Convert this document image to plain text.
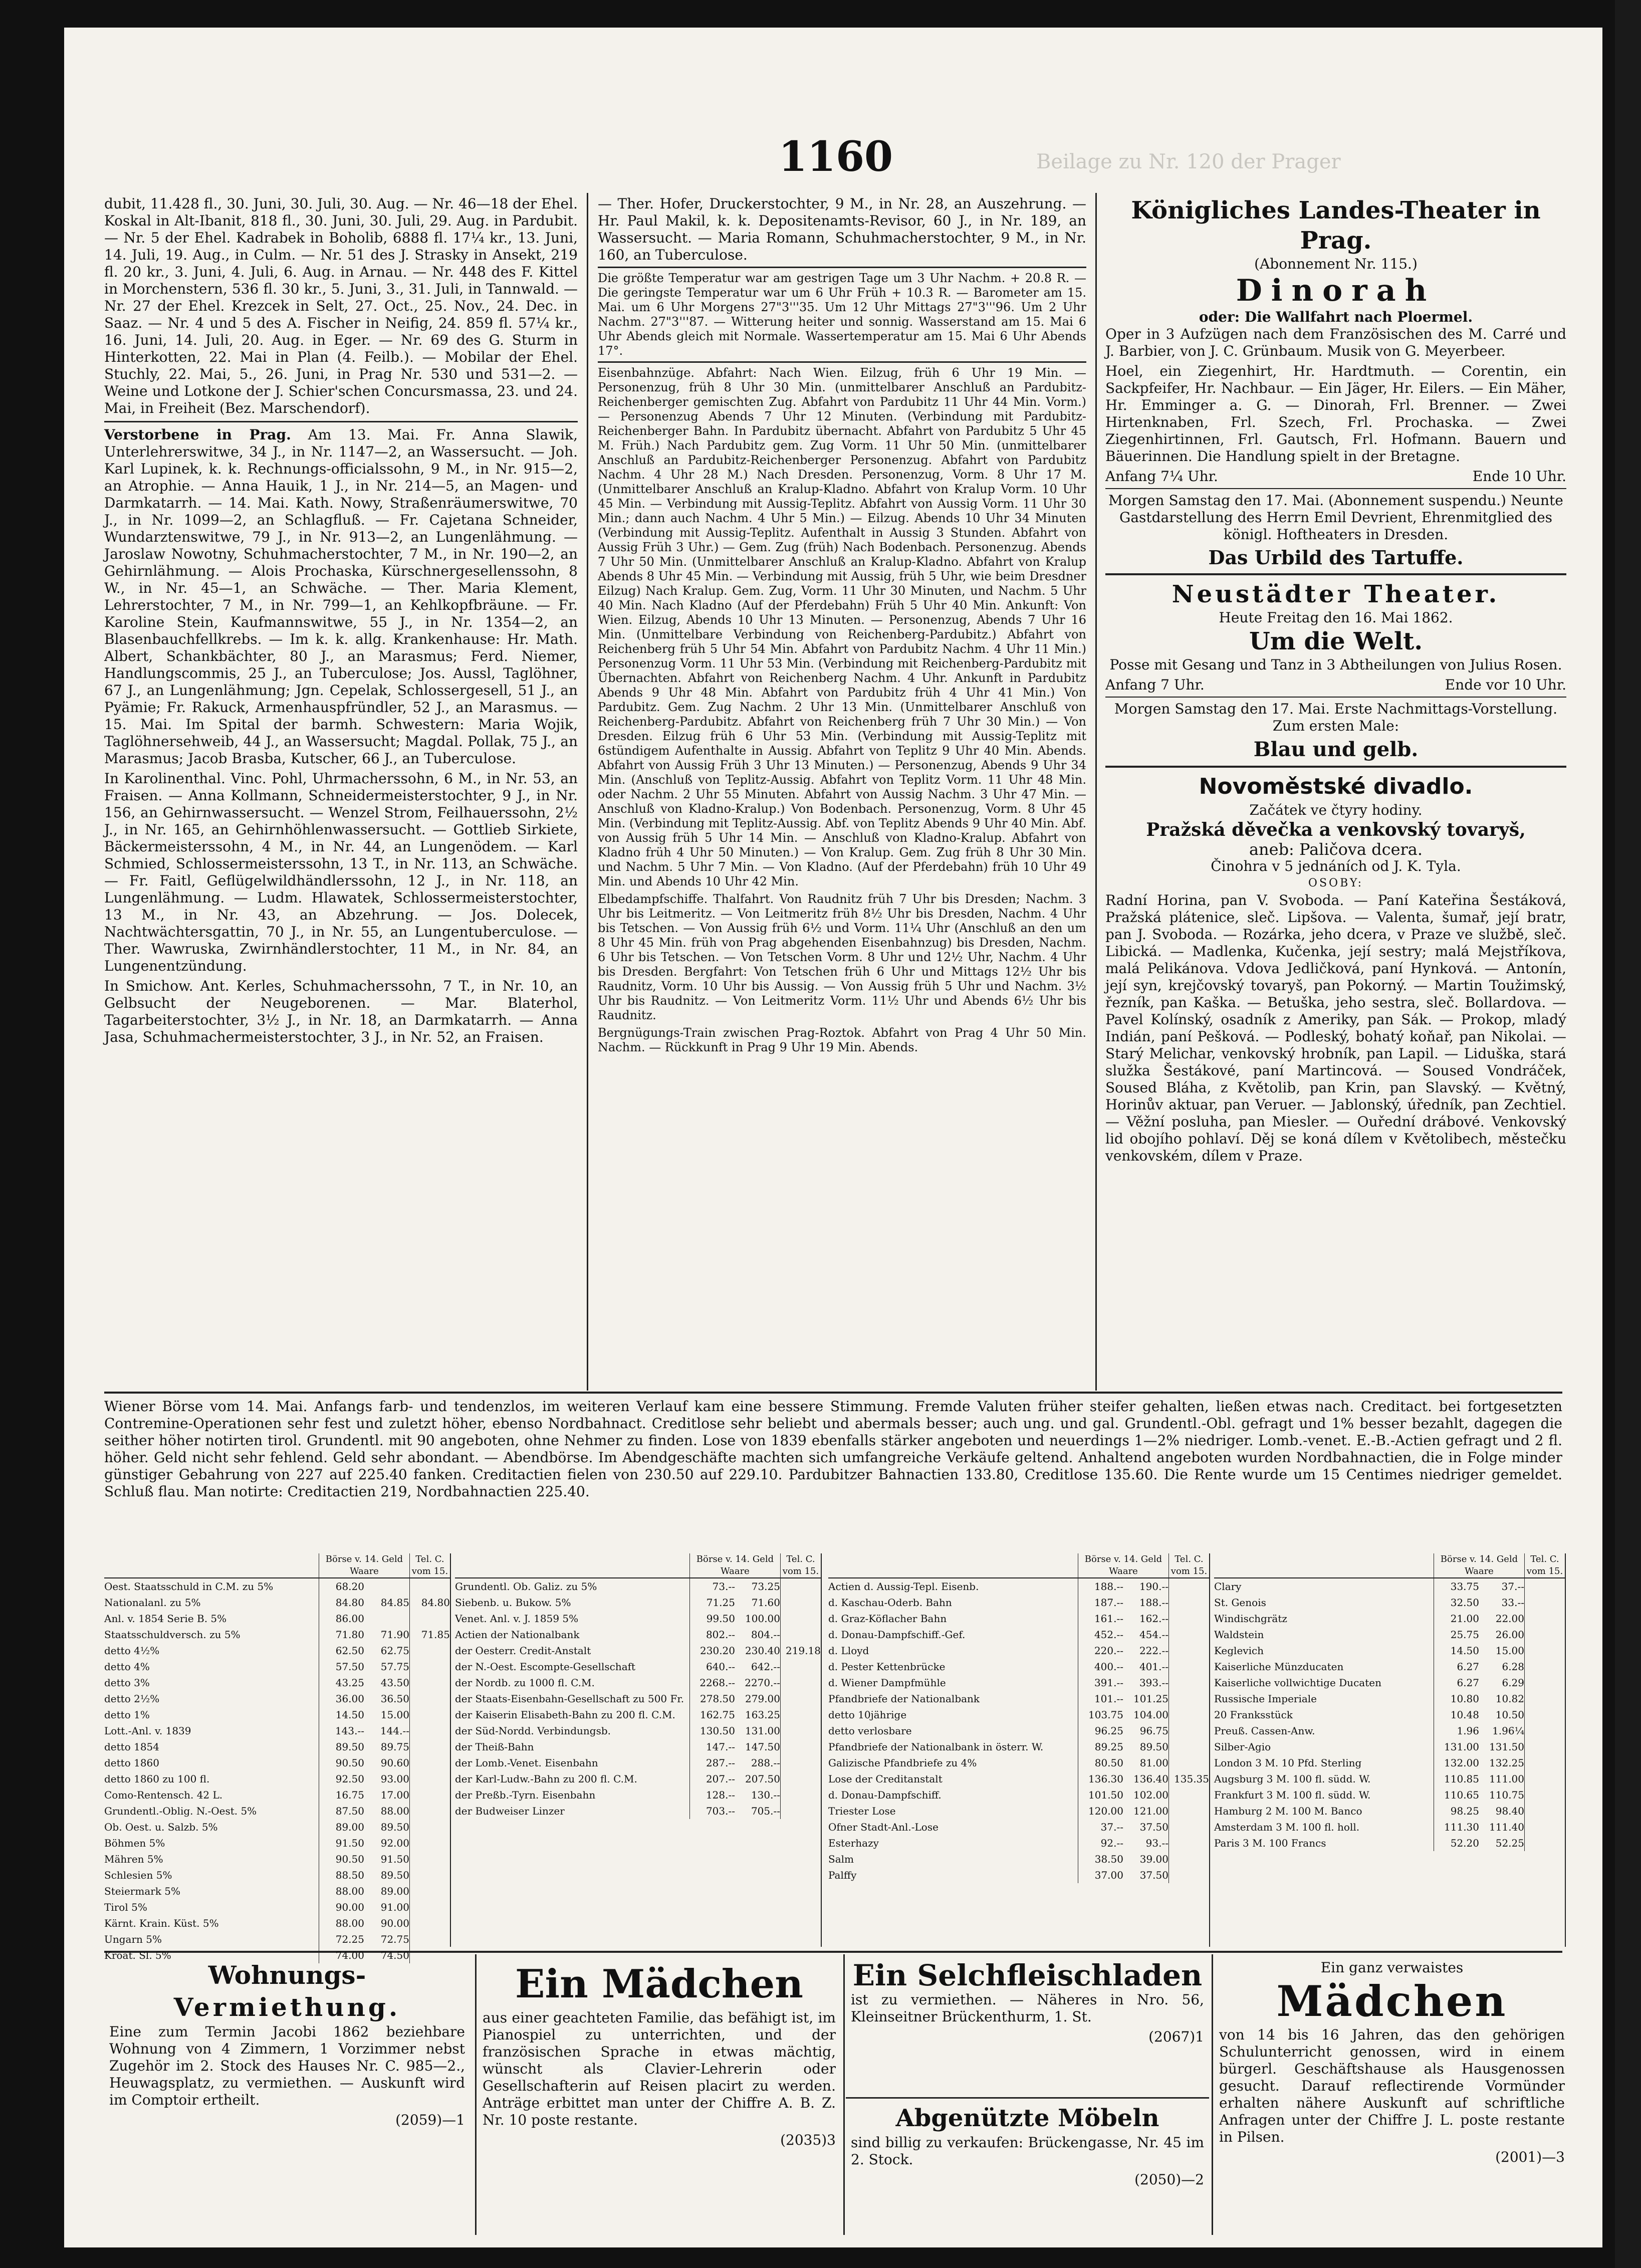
Beilage zu Nr. 120 der Prager
1160

dubit, 11.428 fl., 30. Juni, 30. Juli, 30. Aug. — Nr. 46—18 der Ehel. Koskal in Alt-Ibanit, 818 fl., 30. Juni, 30. Juli, 29. Aug. in Pardubit. — Nr. 5 der Ehel. Kadrabek in Boholib, 6888 fl. 17¼ kr., 13. Juni, 14. Juli, 19. Aug., in Culm. — Nr. 51 des J. Strasky in Ansekt, 219 fl. 20 kr., 3. Juni, 4. Juli, 6. Aug. in Arnau. — Nr. 448 des F. Kittel in Morchenstern, 536 fl. 30 kr., 5. Juni, 3., 31. Juli, in Tannwald. — Nr. 27 der Ehel. Krezcek in Selt, 27. Oct., 25. Nov., 24. Dec. in Saaz. — Nr. 4 und 5 des A. Fischer in Neifig, 24. 859 fl. 57¼ kr., 16. Juni, 14. Juli, 20. Aug. in Eger. — Nr. 69 des G. Sturm in Hinterkotten, 22. Mai in Plan (4. Feilb.). — Mobilar der Ehel. Stuchly, 22. Mai, 5., 26. Juni, in Prag Nr. 530 und 531—2. — Weine und Lotkone der J. Schier'schen Concursmassa, 23. und 24. Mai, in Freiheit (Bez. Marschendorf).

Verstorbene in Prag. Am 13. Mai. Fr. Anna Slawik, Unterlehrerswitwe, 34 J., in Nr. 1147—2, an Wassersucht. — Joh. Karl Lupinek, k. k. Rechnungs-officialssohn, 9 M., in Nr. 915—2, an Atrophie. — Anna Hauik, 1 J., in Nr. 214—5, an Magen- und Darmkatarrh. — 14. Mai. Kath. Nowy, Straßenräumerswitwe, 70 J., in Nr. 1099—2, an Schlagfluß. — Fr. Cajetana Schneider, Wundarztenswitwe, 79 J., in Nr. 913—2, an Lungenlähmung. — Jaroslaw Nowotny, Schuhmacherstochter, 7 M., in Nr. 190—2, an Gehirnlähmung. — Alois Prochaska, Kürschnergesellenssohn, 8 W., in Nr. 45—1, an Schwäche. — Ther. Maria Klement, Lehrerstochter, 7 M., in Nr. 799—1, an Kehlkopfbräune. — Fr. Karoline Stein, Kaufmannswitwe, 55 J., in Nr. 1354—2, an Blasenbauchfellkrebs. — Im k. k. allg. Krankenhause: Hr. Math. Albert, Schankbächter, 80 J., an Marasmus; Ferd. Niemer, Handlungscommis, 25 J., an Tuberculose; Jos. Aussl, Taglöhner, 67 J., an Lungenlähmung; Jgn. Cepelak, Schlossergesell, 51 J., an Pyämie; Fr. Rakuck, Armenhauspfründler, 52 J., an Marasmus. — 15. Mai. Im Spital der barmh. Schwestern: Maria Wojik, Taglöhnersehweib, 44 J., an Wassersucht; Magdal. Pollak, 75 J., an Marasmus; Jacob Brasba, Kutscher, 66 J., an Tuberculose.

In Karolinenthal. Vinc. Pohl, Uhrmacherssohn, 6 M., in Nr. 53, an Fraisen. — Anna Kollmann, Schneidermeisterstochter, 9 J., in Nr. 156, an Gehirnwassersucht. — Wenzel Strom, Feilhauerssohn, 2½ J., in Nr. 165, an Gehirnhöhlenwassersucht. — Gottlieb Sirkiete, Bäckermeisterssohn, 4 M., in Nr. 44, an Lungenödem. — Karl Schmied, Schlossermeisterssohn, 13 T., in Nr. 113, an Schwäche. — Fr. Faitl, Geflügelwildhändlerssohn, 12 J., in Nr. 118, an Lungenlähmung. — Ludm. Hlawatek, Schlossermeisterstochter, 13 M., in Nr. 43, an Abzehrung. — Jos. Dolecek, Nachtwächtersgattin, 70 J., in Nr. 55, an Lungentuberculose. — Ther. Wawruska, Zwirnhändlerstochter, 11 M., in Nr. 84, an Lungenentzündung.

In Smichow. Ant. Kerles, Schuhmacherssohn, 7 T., in Nr. 10, an Gelbsucht der Neugeborenen. — Mar. Blaterhol, Tagarbeiterstochter, 3½ J., in Nr. 18, an Darmkatarrh. — Anna Jasa, Schuhmachermeisterstochter, 3 J., in Nr. 52, an Fraisen.

— Ther. Hofer, Druckerstochter, 9 M., in Nr. 28, an Auszehrung. — Hr. Paul Makil, k. k. Depositenamts-Revisor, 60 J., in Nr. 189, an Wassersucht. — Maria Romann, Schuhmacherstochter, 9 M., in Nr. 160, an Tuberculose.

Die größte Temperatur war am gestrigen Tage um 3 Uhr Nachm. + 20.8 R. — Die geringste Temperatur war um 6 Uhr Früh + 10.3 R. — Barometer am 15. Mai. um 6 Uhr Morgens 27"3'''35. Um 12 Uhr Mittags 27"3'''96. Um 2 Uhr Nachm. 27"3'''87. — Witterung heiter und sonnig. Wasserstand am 15. Mai 6 Uhr Abends gleich mit Normale. Wassertemperatur am 15. Mai 6 Uhr Abends 17°.

Eisenbahnzüge. Abfahrt: Nach Wien. Eilzug, früh 6 Uhr 19 Min. — Personenzug, früh 8 Uhr 30 Min. (unmittelbarer Anschluß an Pardubitz-Reichenberger gemischten Zug. Abfahrt von Pardubitz 11 Uhr 44 Min. Vorm.) — Personenzug Abends 7 Uhr 12 Minuten. (Verbindung mit Pardubitz-Reichenberger Bahn. In Pardubitz übernacht. Abfahrt von Pardubitz 5 Uhr 45 M. Früh.) Nach Pardubitz gem. Zug Vorm. 11 Uhr 50 Min. (unmittelbarer Anschluß an Pardubitz-Reichenberger Personenzug. Abfahrt von Pardubitz Nachm. 4 Uhr 28 M.) Nach Dresden. Personenzug, Vorm. 8 Uhr 17 M. (Unmittelbarer Anschluß an Kralup-Kladno. Abfahrt von Kralup Vorm. 10 Uhr 45 Min. — Verbindung mit Aussig-Teplitz. Abfahrt von Aussig Vorm. 11 Uhr 30 Min.; dann auch Nachm. 4 Uhr 5 Min.) — Eilzug. Abends 10 Uhr 34 Minuten (Verbindung mit Aussig-Teplitz. Aufenthalt in Aussig 3 Stunden. Abfahrt von Aussig Früh 3 Uhr.) — Gem. Zug (früh) Nach Bodenbach. Personenzug. Abends 7 Uhr 50 Min. (Unmittelbarer Anschluß an Kralup-Kladno. Abfahrt von Kralup Abends 8 Uhr 45 Min. — Verbindung mit Aussig, früh 5 Uhr, wie beim Dresdner Eilzug) Nach Kralup. Gem. Zug, Vorm. 11 Uhr 30 Minuten, und Nachm. 5 Uhr 40 Min. Nach Kladno (Auf der Pferdebahn) Früh 5 Uhr 40 Min. Ankunft: Von Wien. Eilzug, Abends 10 Uhr 13 Minuten. — Personenzug, Abends 7 Uhr 16 Min. (Unmittelbare Verbindung von Reichenberg-Pardubitz.) Abfahrt von Reichenberg früh 5 Uhr 54 Min. Abfahrt von Pardubitz Nachm. 4 Uhr 11 Min.) Personenzug Vorm. 11 Uhr 53 Min. (Verbindung mit Reichenberg-Pardubitz mit Übernachten. Abfahrt von Reichenberg Nachm. 4 Uhr. Ankunft in Pardubitz Abends 9 Uhr 48 Min. Abfahrt von Pardubitz früh 4 Uhr 41 Min.) Von Pardubitz. Gem. Zug Nachm. 2 Uhr 13 Min. (Unmittelbarer Anschluß von Reichenberg-Pardubitz. Abfahrt von Reichenberg früh 7 Uhr 30 Min.) — Von Dresden. Eilzug früh 6 Uhr 53 Min. (Verbindung mit Aussig-Teplitz mit 6stündigem Aufenthalte in Aussig. Abfahrt von Teplitz 9 Uhr 40 Min. Abends. Abfahrt von Aussig Früh 3 Uhr 13 Minuten.) — Personenzug, Abends 9 Uhr 34 Min. (Anschluß von Teplitz-Aussig. Abfahrt von Teplitz Vorm. 11 Uhr 48 Min. oder Nachm. 2 Uhr 55 Minuten. Abfahrt von Aussig Nachm. 3 Uhr 47 Min. — Anschluß von Kladno-Kralup.) Von Bodenbach. Personenzug, Vorm. 8 Uhr 45 Min. (Verbindung mit Teplitz-Aussig. Abf. von Teplitz Abends 9 Uhr 40 Min. Abf. von Aussig früh 5 Uhr 14 Min. — Anschluß von Kladno-Kralup. Abfahrt von Kladno früh 4 Uhr 50 Minuten.) — Von Kralup. Gem. Zug früh 8 Uhr 30 Min. und Nachm. 5 Uhr 7 Min. — Von Kladno. (Auf der Pferdebahn) früh 10 Uhr 49 Min. und Abends 10 Uhr 42 Min.

Elbedampfschiffe. Thalfahrt. Von Raudnitz früh 7 Uhr bis Dresden; Nachm. 3 Uhr bis Leitmeritz. — Von Leitmeritz früh 8½ Uhr bis Dresden, Nachm. 4 Uhr bis Tetschen. — Von Aussig früh 6½ und Vorm. 11¼ Uhr (Anschluß an den um 8 Uhr 45 Min. früh von Prag abgehenden Eisenbahnzug) bis Dresden, Nachm. 6 Uhr bis Tetschen. — Von Tetschen Vorm. 8 Uhr und 12½ Uhr, Nachm. 4 Uhr bis Dresden. Bergfahrt: Von Tetschen früh 6 Uhr und Mittags 12½ Uhr bis Raudnitz, Vorm. 10 Uhr bis Aussig. — Von Aussig früh 5 Uhr und Nachm. 3½ Uhr bis Raudnitz. — Von Leitmeritz Vorm. 11½ Uhr und Abends 6½ Uhr bis Raudnitz.

Bergnügungs-Train zwischen Prag-Roztok. Abfahrt von Prag 4 Uhr 50 Min. Nachm. — Rückkunft in Prag 9 Uhr 19 Min. Abends.

Königliches Landes-Theater in Prag.
(Abonnement Nr. 115.)
Dinorah
oder: Die Wallfahrt nach Ploermel.

Oper in 3 Aufzügen nach dem Französischen des M. Carré und J. Barbier, von J. C. Grünbaum. Musik von G. Meyerbeer.

Hoel, ein Ziegenhirt, Hr. Hardtmuth. — Corentin, ein Sackpfeifer, Hr. Nachbaur. — Ein Jäger, Hr. Eilers. — Ein Mäher, Hr. Emminger a. G. — Dinorah, Frl. Brenner. — Zwei Hirtenknaben, Frl. Szech, Frl. Prochaska. — Zwei Ziegenhirtinnen, Frl. Gautsch, Frl. Hofmann. Bauern und Bäuerinnen. Die Handlung spielt in der Bretagne.

Anfang 7¼ Uhr.	Ende 10 Uhr.

Morgen Samstag den 17. Mai. (Abonnement suspendu.) Neunte Gastdarstellung des Herrn Emil Devrient, Ehrenmitglied des königl. Hoftheaters in Dresden.

Das Urbild des Tartuffe.
Neustädter Theater.
Heute Freitag den 16. Mai 1862.
Um die Welt.

Posse mit Gesang und Tanz in 3 Abtheilungen von Julius Rosen.

Anfang 7 Uhr.	Ende vor 10 Uhr.

Morgen Samstag den 17. Mai. Erste Nachmittags-Vorstellung. Zum ersten Male:

Blau und gelb.
Novoměstské divadlo.
Začátek ve čtyry hodiny.
Pražská děvečka a venkovský tovaryš,
aneb: Paličova dcera.
Činohra v 5 jednáních od J. K. Tyla.
OSOBY:

Radní Horina, pan V. Svoboda. — Paní Kateřina Šestáková, Pražská plátenice, sleč. Lipšova. — Valenta, šumař, její bratr, pan J. Svoboda. — Rozárka, jeho dcera, v Praze ve službě, sleč. Libická. — Madlenka, Kučenka, její sestry; malá Mejstříkova, malá Pelikánova. Vdova Jedličková, paní Hynková. — Antonín, její syn, krejčovský tovaryš, pan Pokorný. — Martin Toužimský, řezník, pan Kaška. — Betuška, jeho sestra, sleč. Bollardova. — Pavel Kolínský, osadník z Ameriky, pan Sák. — Prokop, mladý Indián, paní Pešková. — Podleský, bohatý koňař, pan Nikolai. — Starý Melichar, venkovský hrobník, pan Lapil. — Liduška, stará služka Šestákové, paní Martincová. — Soused Vondráček, Soused Bláha, z Květolib, pan Krin, pan Slavský. — Květný, Horinův aktuar, pan Veruer. — Jablonský, úředník, pan Zechtiel. — Věžní posluha, pan Miesler. — Ouřední drábové. Venkovský lid obojího pohlaví. Děj se koná dílem v Květolibech, městečku venkovském, dílem v Praze.

Wiener Börse vom 14. Mai. Anfangs farb- und tendenzlos, im weiteren Verlauf kam eine bessere Stimmung. Fremde Valuten früher steifer gehalten, ließen etwas nach. Creditact. bei fortgesetzten Contremine-Operationen sehr fest und zuletzt höher, ebenso Nordbahnact. Creditlose sehr beliebt und abermals besser; auch ung. und gal. Grundentl.-Obl. gefragt und 1% besser bezahlt, dagegen die seither höher notirten tirol. Grundentl. mit 90 angeboten, ohne Nehmer zu finden. Lose von 1839 ebenfalls stärker angeboten und neuerdings 1—2% niedriger. Lomb.-venet. E.-B.-Actien gefragt und 2 fl. höher. Geld nicht sehr fehlend. Geld sehr abondant. — Abendbörse. Im Abendgeschäfte machten sich umfangreiche Verkäufe geltend. Anhaltend angeboten wurden Nordbahnactien, die in Folge minder günstiger Gebahrung von 227 auf 225.40 fanken. Creditactien fielen von 230.50 auf 229.10. Pardubitzer Bahnactien 133.80, Creditlose 135.60. Die Rente wurde um 15 Centimes niedriger gemeldet. Schluß flau. Man notirte: Creditactien 219, Nordbahnactien 225.40.

Wohnungs-
Vermiethung.

Eine zum Termin Jacobi 1862 beziehbare Wohnung von 4 Zimmern, 1 Vorzimmer nebst Zugehör im 2. Stock des Hauses Nr. C. 985—2., Heuwagsplatz, zu vermiethen. — Auskunft wird im Comptoir ertheilt.

(2059)—1
Ein Mädchen

aus einer geachteten Familie, das befähigt ist, im Pianospiel zu unterrichten, und der französischen Sprache in etwas mächtig, wünscht als Clavier-Lehrerin oder Gesellschafterin auf Reisen placirt zu werden. Anträge erbittet man unter der Chiffre A. B. Z. Nr. 10 poste restante.

(2035)3
Ein Selchfleischladen

ist zu vermiethen. — Näheres in Nro. 56, Kleinseitner Brückenthurm, 1. St.

(2067)1
Abgenützte Möbeln

sind billig zu verkaufen: Brückengasse, Nr. 45 im 2. Stock.

(2050)—2
Ein ganz verwaistes
Mädchen

von 14 bis 16 Jahren, das den gehörigen Schulunterricht genossen, wird in einem bürgerl. Geschäftshause als Hausgenossen gesucht. Darauf reflectirende Vormünder erhalten nähere Auskunft auf schriftliche Anfragen unter der Chiffre J. L. poste restante in Pilsen.

(2001)—3
Börse v. 14. Geld Waare
Tel. C. vom 15.
Oest. Staatsschuld in C.M. zu 5%	68.20
Nationalanl. zu 5%	84.80	84.85	84.80
Anl. v. 1854 Serie B. 5%	86.00
Staatsschuldversch. zu 5%	71.80	71.90	71.85
detto 4½%	62.50	62.75
detto 4%	57.50	57.75
detto 3%	43.25	43.50
detto 2½%	36.00	36.50
detto 1%	14.50	15.00
Lott.-Anl. v. 1839	143.--	144.--
detto 1854	89.50	89.75
detto 1860	90.50	90.60
detto 1860 zu 100 fl.	92.50	93.00
Como-Rentensch. 42 L.	16.75	17.00
Grundentl.-Oblig. N.-Oest. 5%	87.50	88.00
Ob. Oest. u. Salzb. 5%	89.00	89.50
Böhmen 5%	91.50	92.00
Mähren 5%	90.50	91.50
Schlesien 5%	88.50	89.50
Steiermark 5%	88.00	89.00
Tirol 5%	90.00	91.00
Kärnt. Krain. Küst. 5%	88.00	90.00
Ungarn 5%	72.25	72.75
Kroat. Sl. 5%	74.00	74.50
Börse v. 14. Geld Waare
Tel. C. vom 15.
Grundentl. Ob. Galiz. zu 5%	73.--	73.25
Siebenb. u. Bukow. 5%	71.25	71.60
Venet. Anl. v. J. 1859 5%	99.50	100.00
Actien der Nationalbank	802.--	804.--
der Oesterr. Credit-Anstalt	230.20	230.40 219.18
der N.-Oest. Escompte-Gesellschaft	640.--	642.--
der Nordb. zu 1000 fl. C.M.	2268.-- 2270.--
der Staats-Eisenbahn-Gesellschaft zu 500 Fr.	278.50	279.00
der Kaiserin Elisabeth-Bahn zu 200 fl. C.M.	162.75	163.25
der Süd-Nordd. Verbindungsb.	130.50	131.00
der Theiß-Bahn	147.--	147.50
der Lomb.-Venet. Eisenbahn	287.--	288.--
der Karl-Ludw.-Bahn zu 200 fl. C.M.	207.--	207.50
der Preßb.-Tyrn. Eisenbahn	128.--	130.--
der Budweiser Linzer	703.--	705.--
Börse v. 14. Geld Waare
Tel. C. vom 15.
Actien d. Aussig-Tepl. Eisenb.	188.--	190.--
d. Kaschau-Oderb. Bahn	187.--	188.--
d. Graz-Köflacher Bahn	161.--	162.--
d. Donau-Dampfschiff.-Gef.	452.--	454.--
d. Lloyd	220.--	222.--
d. Pester Kettenbrücke	400.--	401.--
d. Wiener Dampfmühle	391.--	393.--
Pfandbriefe der Nationalbank	101.--	101.25
detto 10jährige	103.75	104.00
detto verlosbare	96.25	96.75
Pfandbriefe der Nationalbank in österr. W.	89.25	89.50
Galizische Pfandbriefe zu 4%	80.50	81.00
Lose der Creditanstalt	136.30	136.40 135.35
d. Donau-Dampfschiff.	101.50	102.00
Triester Lose	120.00	121.00
Ofner Stadt-Anl.-Lose	37.--	37.50
Esterhazy	92.--	93.--
Salm	38.50	39.00
Palffy	37.00	37.50
Börse v. 14. Geld Waare
Tel. C. vom 15.
Clary	33.75	37.--
St. Genois	32.50	33.--
Windischgrätz	21.00	22.00
Waldstein	25.75	26.00
Keglevich	14.50	15.00
Kaiserliche Münzducaten	6.27	6.28
Kaiserliche vollwichtige Ducaten	6.27	6.29
Russische Imperiale	10.80	10.82
20 Franksstück	10.48	10.50
Preuß. Cassen-Anw.	1.96	1.96¼
Silber-Agio	131.00	131.50
London 3 M. 10 Pfd. Sterling	132.00	132.25
Augsburg 3 M. 100 fl. südd. W.	110.85	111.00
Frankfurt 3 M. 100 fl. südd. W.	110.65	110.75
Hamburg 2 M. 100 M. Banco	98.25	98.40
Amsterdam 3 M. 100 fl. holl.	111.30	111.40
Paris 3 M. 100 Francs	52.20	52.25
